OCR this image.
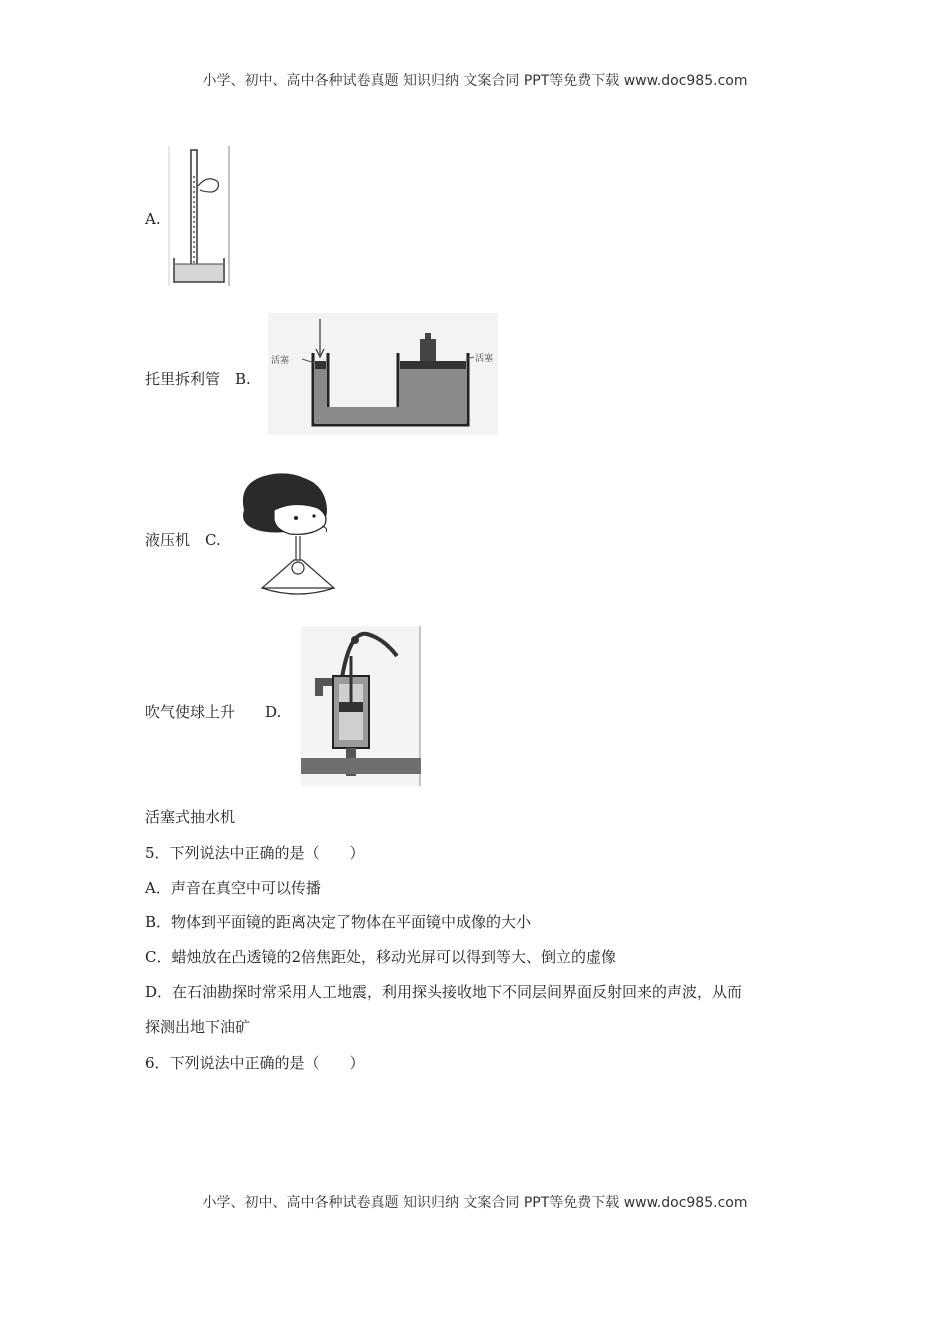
小学、初中、高中各种试卷真题 知识归纳 文案合同 PPT等免费下载 www.doc985.com
A.
托里拆利管　 B.
活塞	活塞
液压机　 C.
吹气使球上升　　 D.
活塞式抽水机
5．下列说法中正确的是（　　）
A．声音在真空中可以传播
B．物体到平面镜的距离决定了物体在平面镜中成像的大小
C．蜡烛放在凸透镜的2倍焦距处，移动光屏可以得到等大、倒立的虚像
D．在石油勘探时常采用人工地震，利用探头接收地下不同层间界面反射回来的声波，从而
探测出地下油矿
6．下列说法中正确的是（　　）
小学、初中、高中各种试卷真题 知识归纳 文案合同 PPT等免费下载 www.doc985.com
